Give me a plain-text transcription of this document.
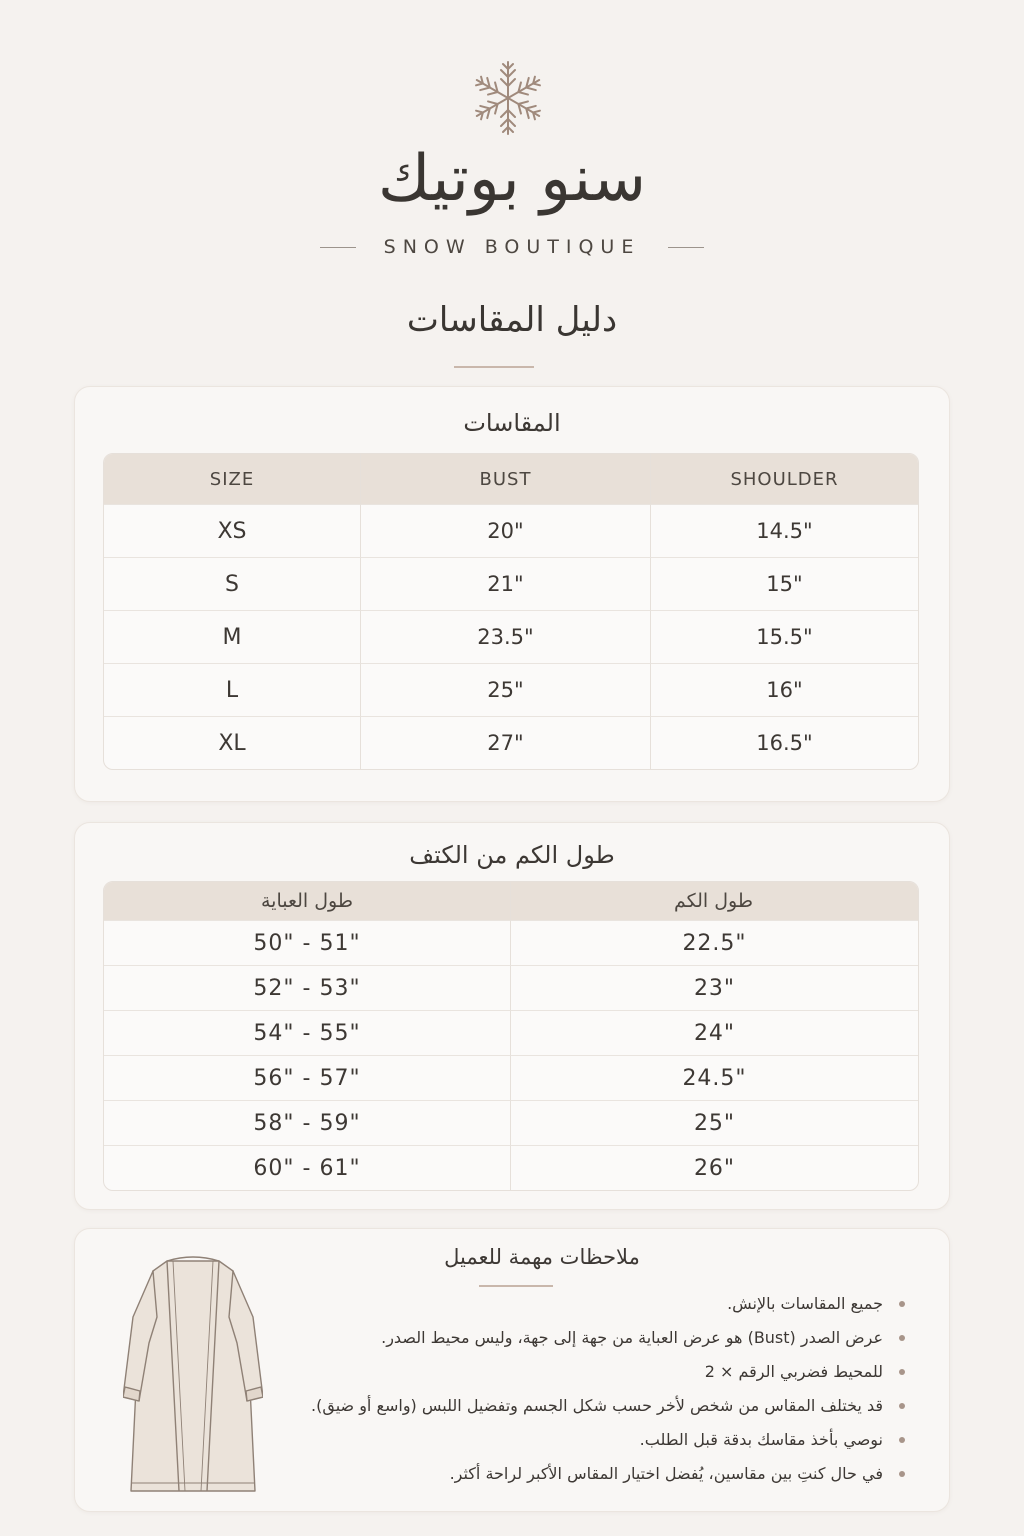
سنو بوتيك
SNOW BOUTIQUE
دليل المقاسات
المقاسات
SIZE	BUST	SHOULDER
XS	20"	14.5"
S	21"	15"
M	23.5"	15.5"
L	25"	16"
XL	27"	16.5"
طول الكم من الكتف
طول العباية	طول الكم
50" - 51"	22.5"
52" - 53"	23"
54" - 55"	24"
56" - 57"	24.5"
58" - 59"	25"
60" - 61"	26"
ملاحظات مهمة للعميل
جميع المقاسات بالإنش.
عرض الصدر (Bust) هو عرض العباية من جهة إلى جهة، وليس محيط الصدر.
للمحيط فضربي الرقم × 2
قد يختلف المقاس من شخص لأخر حسب شكل الجسم وتفضيل اللبس (واسع أو ضيق).
نوصي بأخذ مقاسك بدقة قبل الطلب.
في حال كنتِ بين مقاسين، يُفضل اختيار المقاس الأكبر لراحة أكثر.
